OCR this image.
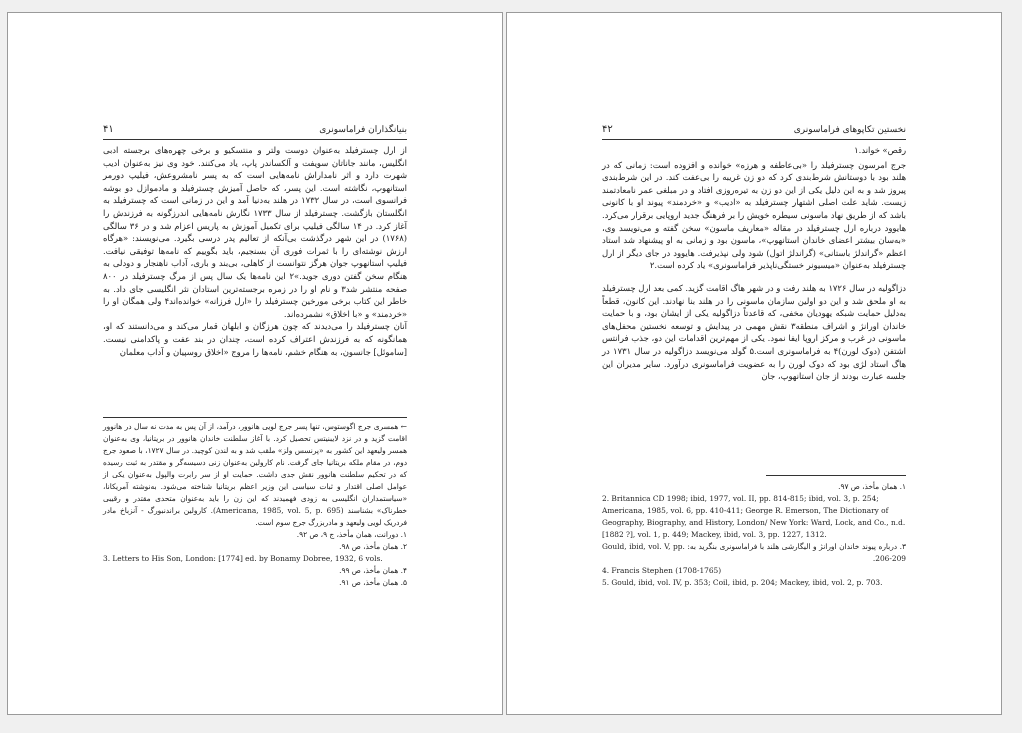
بنیانگذاران فراماسونری
۴۱

از ارل چسترفیلد به‌عنوان دوست ولتر و منتسکیو و برخی چهره‌های برجسته ادبی انگلیس، مانند جاناتان سویفت و آلکساندر پاپ، یاد می‌کنند. خود وی نیز به‌عنوان ادیب شهرت دارد و اثر نامداراش نامه‌هایی است که به پسر نامشروعش، فیلیپ دورمر استانهوپ، نگاشته است. این پسر، که حاصل آمیزش چسترفیلد و مادموازل دو بوشه فرانسوی است، در سال ۱۷۳۲ در هلند به‌دنیا آمد و این در زمانی است که چسترفیلد به انگلستان بازگشت. چسترفیلد از سال ۱۷۳۳ نگارش نامه‌هایی اندرزگونه به فرزندش را آغاز کرد. در ۱۴ سالگی فیلیپ برای تکمیل آموزش به پاریس اعزام شد و در ۳۶ سالگی (۱۷۶۸) در این شهر درگذشت بی‌آنکه از تعالیم پدر درسی بگیرد. می‌نویسند: «هرگاه ارزش نوشته‌ای را با ثمرات فوری آن بسنجیم، باید بگوییم که نامه‌ها توفیقی نیافت. فیلیپ استانهوپ جوان هرگز نتوانست از کاهلی، بی‌بند و باری، آداب ناهنجار و دودلی به هنگام سخن گفتن دوری جوید.»۲ این نامه‌ها یک سال پس از مرگ چسترفیلد در ۸۰۰ صفحه منتشر شد۳ و نام او را در زمره برجسته‌ترین استادان نثر انگلیسی جای داد. به خاطر این کتاب برخی مورخین چسترفیلد را «ارل فرزانه» خوانده‌اند۴ ولی همگان او را «خردمند» و «با اخلاق» نشمرده‌اند.

آنان چسترفیلد را می‌دیدند که چون هرزگان و ابلهان قمار می‌کند و می‌دانستند که او، همانگونه که به فرزندش اعتراف کرده است، چندان در بند عفت و پاکدامنی نیست. [ساموئل] جانسون، به هنگام خشم، نامه‌ها را مروج «اخلاق روسپیان و آداب معلمان

← همسری جرج اگوستوس، تنها پسر جرج لویی هانوور، درآمد، از آن پس به مدت نه سال در هانوور اقامت گزید و در نزد لایبنیتس تحصیل کرد. با آغاز سلطنت خاندان هانوور در بریتانیا، وی به‌عنوان همسر ولیعهد این کشور به «پرنسس ولز» ملقب شد و به لندن کوچید. در سال ۱۷۲۷، با صعود جرج دوم، در مقام ملکه بریتانیا جای گرفت. نام کارولین به‌عنوان زنی دسیسه‌گر و مقتدر به ثبت رسیده که در تحکیم سلطنت هانوور نقش جدی داشت. حمایت او از سر رابرت والپول به‌عنوان یکی از عوامل اصلی اقتدار و ثبات سیاسی این وزیر اعظم بریتانیا شناخته می‌شود. به‌نوشته آمریکانا، «سیاستمداران انگلیسی به زودی فهمیدند که این زن را باید به‌عنوان متحدی مقتدر و رقیبی خطرناک» بشناسند (Americana, 1985, vol. 5, p. 695). کارولین براندنبورگ - آنزباخ مادر فردریک لویی ولیعهد و مادربزرگ جرج سوم است.

۱. دورانت، همان مأخذ، ج ۹، ص ۹۲.

۲. همان مأخذ، ص ۹۸.

3. Letters to His Son, London: [1774] ed. by Bonamy Dobree, 1932, 6 vols.

۴. همان مأخذ، ص ۹۹.

۵. همان مأخذ، ص ۹۱.

نخستین تکاپوهای فراماسونری
۴۲

رقص» خواند.۱

جرج امرسون چسترفیلد را «بی‌عاطفه و هرزه» خوانده و افزوده است: زمانی که در هلند بود با دوستانش شرط‌بندی کرد که دو زن غریبه را بی‌عفت کند. در این شرط‌بندی پیروز شد و به این دلیل یکی از این دو زن به تیره‌روزی افتاد و در مبلغی عمر نامعادتمند زیست. شاید علت اصلی اشتهار چسترفیلد به «ادیب» و «خردمند» پیوند او با کانونی باشد که از طریق نهاد ماسونی سیطره خویش را بر فرهنگ جدید اروپایی برقرار می‌کرد. هایوود درباره ارل چسترفیلد در مقاله «معاریف ماسون» سخن گفته و می‌نویسد وی، «به‌سان بیشتر اعضای خاندان استانهوپ»، ماسون بود و زمانی به او پیشنهاد شد استاد اعظم «گراندلژ باستانی» (گراندلژ اتول) شود ولی نپذیرفت. هایوود در جای دیگر از ارل چسترفیلد به‌عنوان «میسیونر خستگی‌ناپذیر فراماسونری» یاد کرده است.۲

دزاگولیه در سال ۱۷۲۶ به هلند رفت و در شهر هاگ اقامت گزید. کمی بعد ارل چسترفیلد به او ملحق شد و این دو اولین سازمان ماسونی را در هلند بنا نهادند. این کانون، قطعاً به‌دلیل حمایت شبکه یهودیان مخفی، که قاعدتاً دزاگولیه یکی از ایشان بود، و با حمایت خاندان اورانژ و اشراف منطقه۳ نقش مهمی در پیدایش و توسعه نخستین محفل‌های ماسونی در غرب و مرکز اروپا ایفا نمود. یکی از مهم‌ترین اقدامات این دو، جذب فرانتس اشتفن (دوک لورن)۴ به فراماسونری است.۵ گولد می‌نویسد دزاگولیه در سال ۱۷۳۱ در هاگ استاد لژی بود که دوک لورن را به عضویت فراماسونری درآورد. سایر مدیران این جلسه عبارت بودند از جان استانهوپ، جان

۱. همان مأخذ، ص ۹۷.

2. Britannica CD 1998; ibid, 1977, vol. II, pp. 814-815; ibid, vol. 3, p. 254; Americana, 1985, vol. 6, pp. 410-411; George R. Emerson, The Dictionary of Geography, Biography, and History, London/ New York: Ward, Lock, and Co., n.d. [1882 ?], vol. 1, p. 449; Mackey, ibid, vol. 3, pp. 1227, 1312.

۳. درباره پیوند خاندان اورانژ و الیگارشی هلند با فراماسونری بنگرید به: Gould, ibid, vol. V, pp. 206-209.

4. Francis Stephen (1708-1765)

5. Gould, ibid, vol. IV, p. 353; Coil, ibid, p. 204; Mackey, ibid, vol. 2, p. 703.
